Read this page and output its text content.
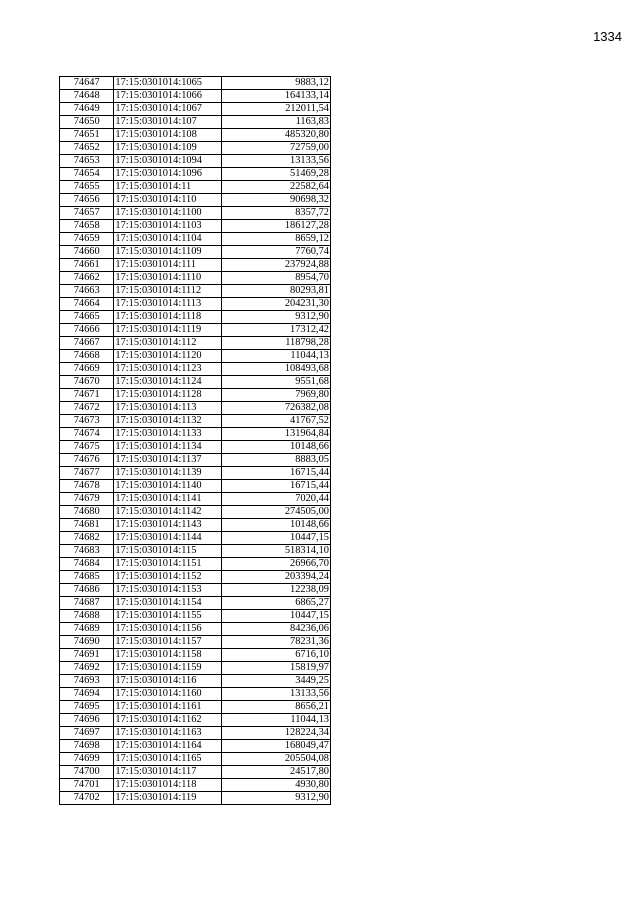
1334
74647	17:15:0301014:1065	9883,12
74648	17:15:0301014:1066	164133,14
74649	17:15:0301014:1067	212011,54
74650	17:15:0301014:107	1163,83
74651	17:15:0301014:108	485320,80
74652	17:15:0301014:109	72759,00
74653	17:15:0301014:1094	13133,56
74654	17:15:0301014:1096	51469,28
74655	17:15:0301014:11	22582,64
74656	17:15:0301014:110	90698,32
74657	17:15:0301014:1100	8357,72
74658	17:15:0301014:1103	186127,28
74659	17:15:0301014:1104	8659,12
74660	17:15:0301014:1109	7760,74
74661	17:15:0301014:111	237924,88
74662	17:15:0301014:1110	8954,70
74663	17:15:0301014:1112	80293,81
74664	17:15:0301014:1113	204231,30
74665	17:15:0301014:1118	9312,90
74666	17:15:0301014:1119	17312,42
74667	17:15:0301014:112	118798,28
74668	17:15:0301014:1120	11044,13
74669	17:15:0301014:1123	108493,68
74670	17:15:0301014:1124	9551,68
74671	17:15:0301014:1128	7969,80
74672	17:15:0301014:113	726382,08
74673	17:15:0301014:1132	41767,52
74674	17:15:0301014:1133	131964,84
74675	17:15:0301014:1134	10148,66
74676	17:15:0301014:1137	8883,05
74677	17:15:0301014:1139	16715,44
74678	17:15:0301014:1140	16715,44
74679	17:15:0301014:1141	7020,44
74680	17:15:0301014:1142	274505,00
74681	17:15:0301014:1143	10148,66
74682	17:15:0301014:1144	10447,15
74683	17:15:0301014:115	518314,10
74684	17:15:0301014:1151	26966,70
74685	17:15:0301014:1152	203394,24
74686	17:15:0301014:1153	12238,09
74687	17:15:0301014:1154	6865,27
74688	17:15:0301014:1155	10447,15
74689	17:15:0301014:1156	84236,06
74690	17:15:0301014:1157	78231,36
74691	17:15:0301014:1158	6716,10
74692	17:15:0301014:1159	15819,97
74693	17:15:0301014:116	3449,25
74694	17:15:0301014:1160	13133,56
74695	17:15:0301014:1161	8656,21
74696	17:15:0301014:1162	11044,13
74697	17:15:0301014:1163	128224,34
74698	17:15:0301014:1164	168049,47
74699	17:15:0301014:1165	205504,08
74700	17:15:0301014:117	24517,80
74701	17:15:0301014:118	4930,80
74702	17:15:0301014:119	9312,90
